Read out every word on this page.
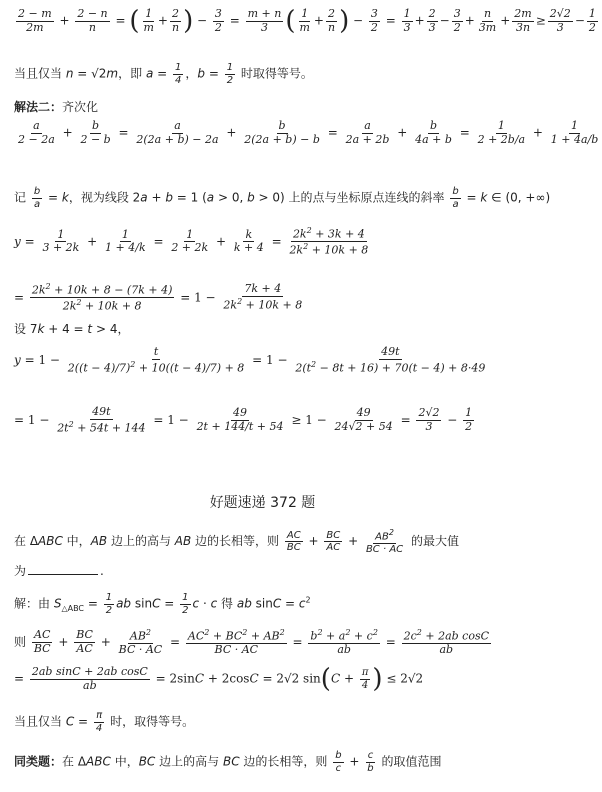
$\frac{2 - m}{2m} + \frac{2 - n}{n}$ = ( $\frac{1}{m} + \frac{2}{n}$ ) − $\frac{3}{2} = \frac{m + n}{3}$ ( $\frac{1}{m} + \frac{2}{n}$ ) − $\frac{3}{2} = \frac{1}{3} + \frac{2}{3} - \frac{3}{2} + \frac{n}{3m} + \frac{2m}{3n} \ge \frac{2√2}{3} - \frac{1}{2}$
当且仅当 n = √2m，即 $a = \frac{1}{4}$ ，$b = \frac{1}{2}$ 时取得等号。
解法二：齐次化
$\frac{a}{2 - 2a} + \frac{b}{2 - b} = \frac{a}{2(2a + b) - 2a} + \frac{b}{2(2a + b) - b} = \frac{a}{2a + 2b} + \frac{b}{4a + b} = \frac{1}{2 + 2b/a} + \frac{1}{1 + 4a/b}$
记 $\frac{b}{a} = k$，视为线段 2a + b = 1 (a > 0, b > 0) 上的点与坐标原点连线的斜率 $\frac{b}{a} = k$ ∈ (0, +∞)
$y = \frac{1}{3 + 2k} + \frac{1}{1 + 4/k} = \frac{1}{2 + 2k} + \frac{k}{k + 4} = \frac{2k^2 + 3k + 4}{2k^2 + 10k + 8}$
= $\frac{2k^2 + 10k + 8 - (7k + 4)}{2k^2 + 10k + 8} = 1 - \frac{7k + 4}{2k^2 + 10k + 8}$
设 7k + 4 = t > 4，
$y = 1 - \frac{t}{2((t - 4)/7)^2 + 10((t - 4)/7) + 8} = 1 - \frac{49t}{2(t^2 - 8t + 16) + 70(t - 4) + 8\cdot 49}$
= $1 - \frac{49t}{2t^2 + 54t + 144} = 1 - \frac{49}{2t + 144/t + 54} \ge 1 - \frac{49}{24√2 + 54} = \frac{2√2}{3} - \frac{1}{2}$
好题速递 372 题
在 ΔABC 中，AB 边上的高与 AB 边的长相等，则 $\frac{AC}{BC} + \frac{BC}{AC} + \frac{AB^2}{BC \cdot AC}$ 的最大值
为	.
解：由 $S_{\triangle ABC} = \frac{1}{2}$ ab $\sin C = \frac{1}{2}$ c · c 得 ab $\sin C = c^2$
则 $\frac{AC}{BC} + \frac{BC}{AC} + \frac{AB^2}{BC \cdot AC} = \frac{AC^2 + BC^2 + AB^2}{BC \cdot AC} = \frac{b^2 + a^2 + c^2}{ab} = \frac{2c^2 + 2ab \cos C}{ab}$
= $\frac{\text{2ab sinC + 2ab cosC}}{ab} = 2\sin C + 2\cos C = 2√2$ $\sin(C + \frac{\pi}{4}$ ) ≤ 2√2
当且仅当 $C = \frac{\pi}{4}$ 时，取得等号。
同类题：在 ΔABC 中，BC 边上的高与 BC 边的长相等，则 $\frac{b}{c} + \frac{c}{b}$ 的取值范围
